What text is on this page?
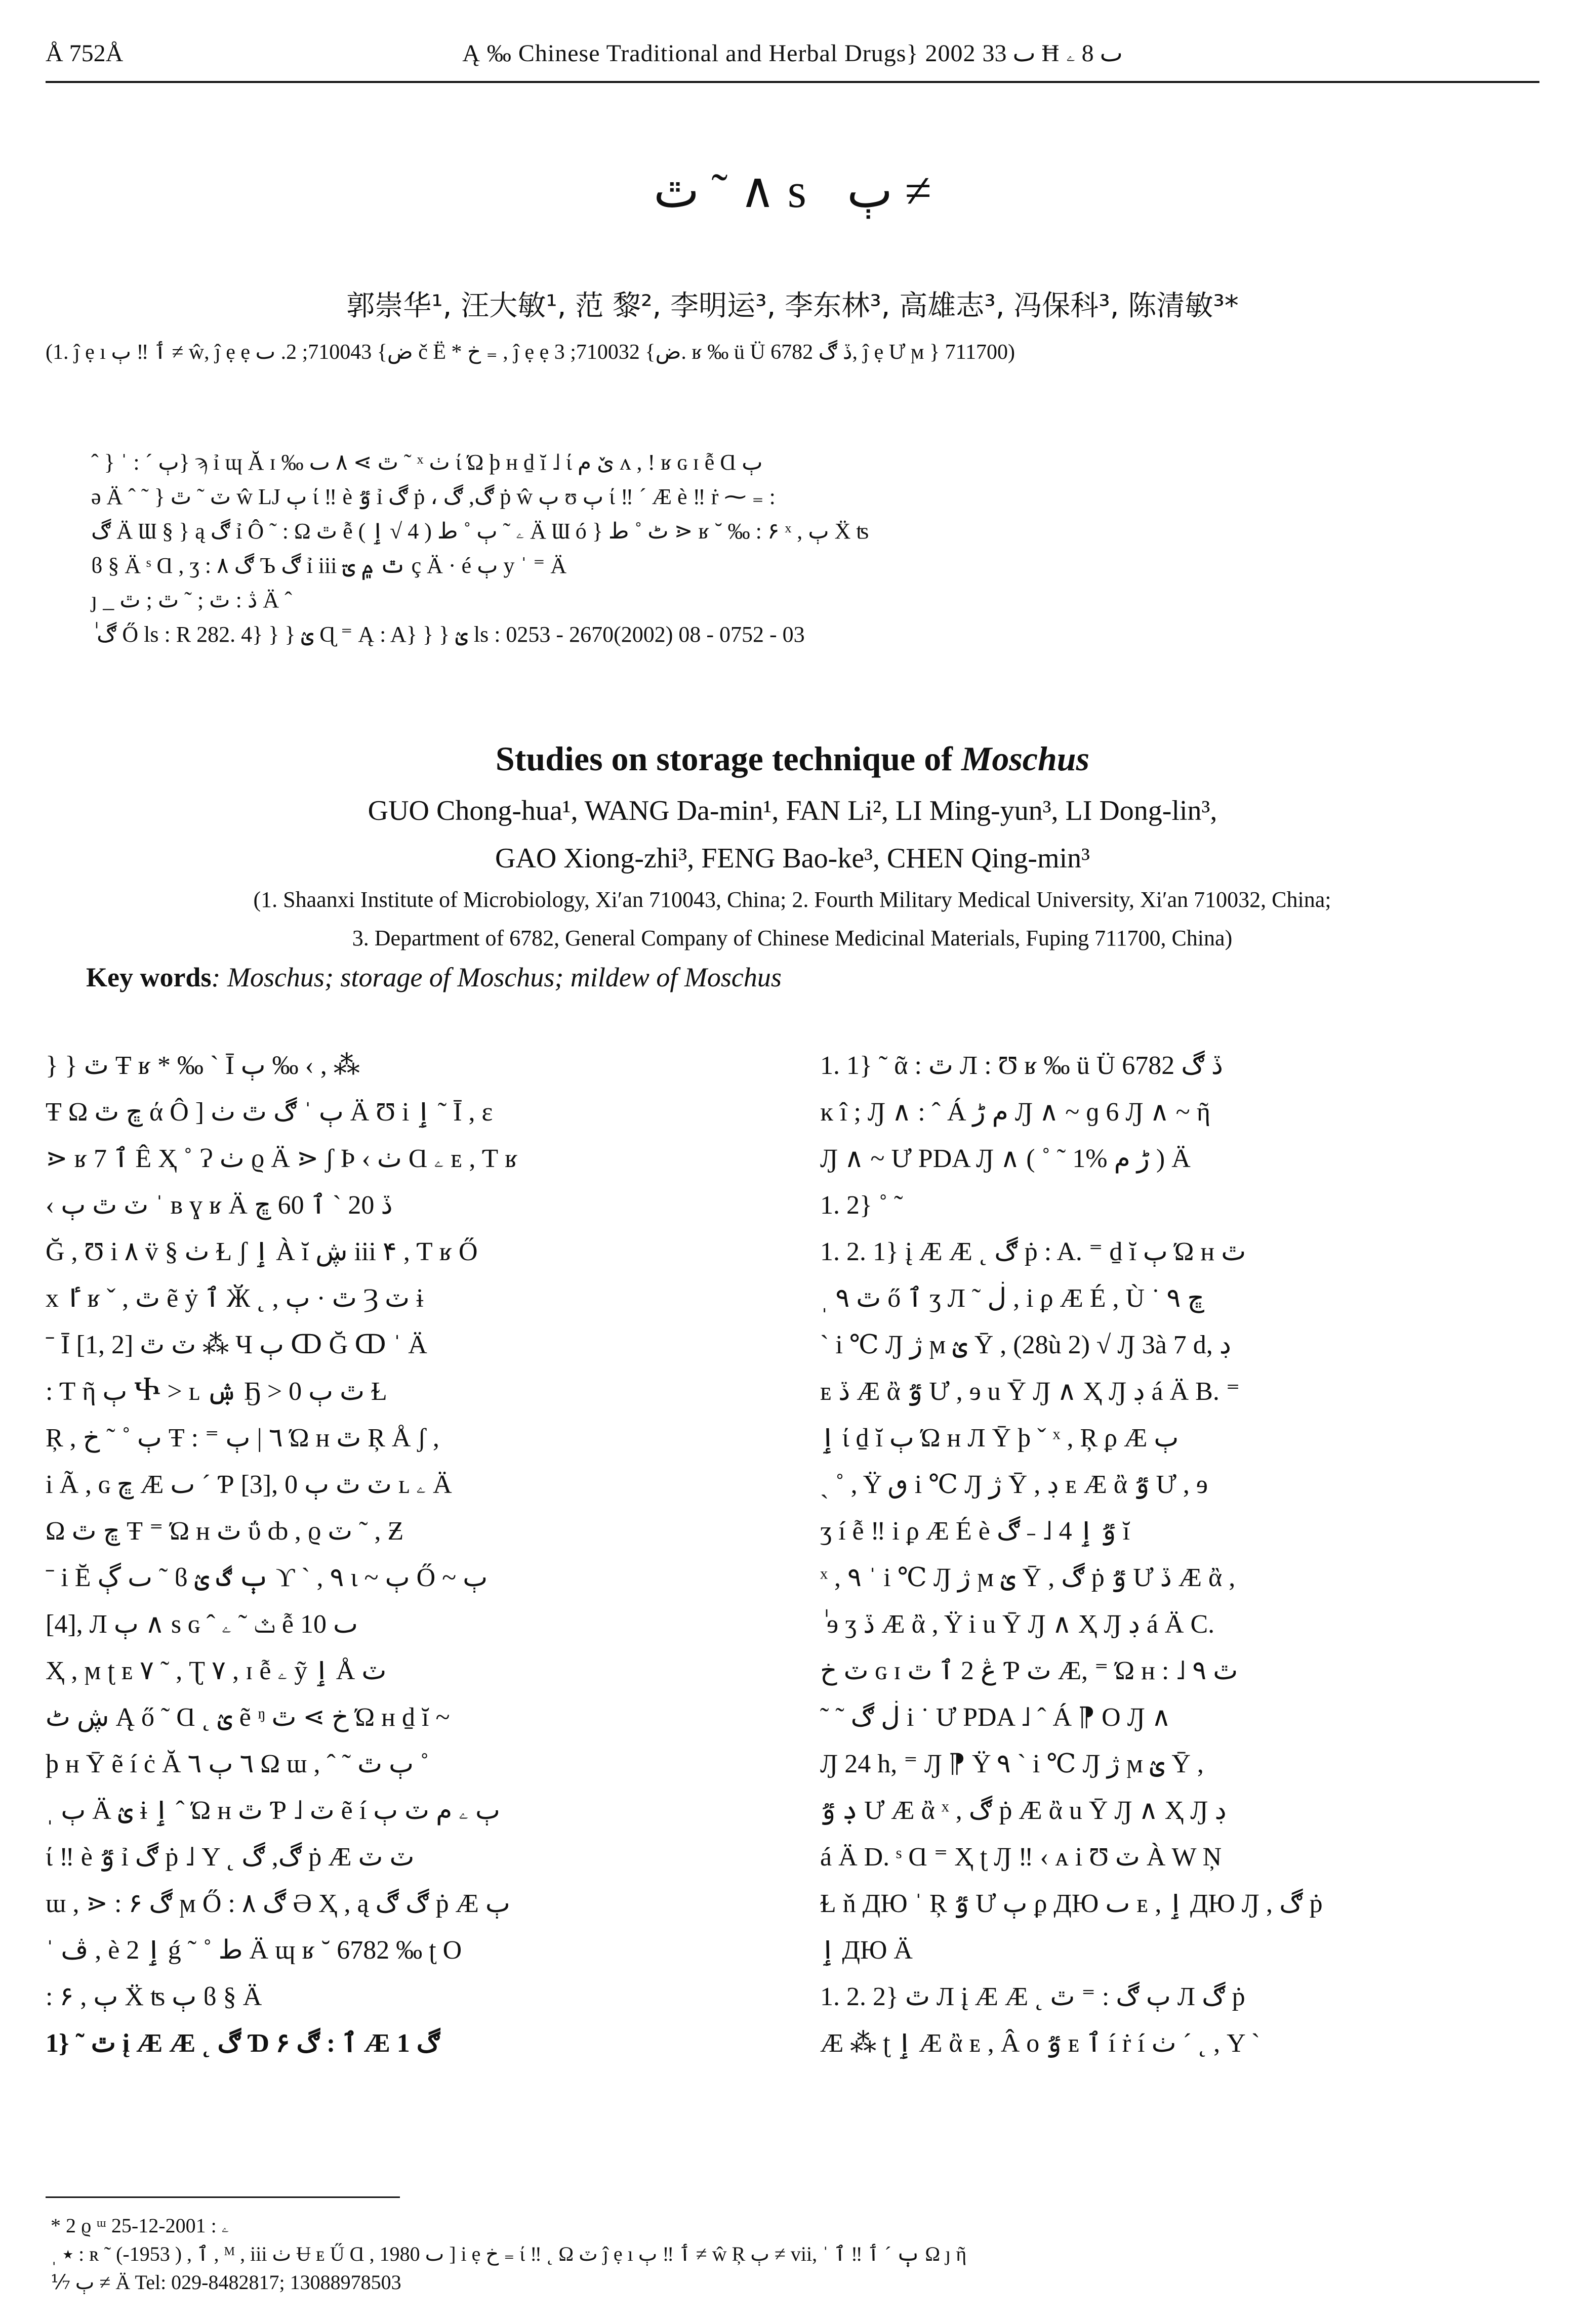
Å 752Å	Ą ‰ Chinese Traditional and Herbal Drugs} 2002 ٮ 33 Ħ ٮ 8 ۦ
ٿ ˜ ∧ s ٻ ≠
郭崇华¹, 汪大敏¹, 范 黎², 李明运³, 李东林³, 高雄志³, 冯保科³, 陈清敏³*
(1. ĵ ẹ ı ٲ ‼ ٻ ≠ ŵ, ĵ ẹ ẹ ض} 710043; 2. ٮ č Ë * خ ₌ , ĵ ẹ ẹ ض} 710032; 3. ʁ ‰ ü Ü 6782 ڏ ڰ, ĵ ẹ Ư ϻ } 711700)
ˆ } ˈ : ˊ ٻ} ϡ ỉ ɰ Ă ɪ ‰ ٿ ⋗ ٨ ٮ ˜ ˣ ٺ ί Ώ þ ʜ ḏ ĭ ˩ ί ێ م ʌ , ! ʁ ɢ ɪ ễ Ɑ ٻ
ə Ä ˆ ˜ } ٽ ˜ ٿ ŵ Ǉ ٻ ί ‼ è ٷ ỉ ڰ ṗ ، ڰ, ڰ ṗ ŵ ٻ ʊ ٻ ί ‼ ˊ Æ è ‼ ṙ ⁓ ₌ :
ڰ Ä Ɯ § } ą ڰ ỉ Ô ˜ : Ω ٿ ễ ۦ ˜ ٻ ˚ ط ( 4 √ ٳ ) Ä Ɯ ó } ٹ ˚ ط ⋗ ʁ ˘ ‰ : ۶ ˣ , ٻ Ẍ ʦ
ϐ § Ä ˢ Ɑ , ʒ : ڰ ٨ Ъ ڰ ỉ iii ٿ ۾ ؾ ç Ä · é ٻ y ˈ ⁼ Ä
ȷ _ ڎ : ٿ ; ˜ ٿ ; ٿ Ä ˆ
ٰ ڰ Ő ls : R 282. 4} } } ؽ Ɋ ⁼ Ą : A} } } ؽ ls : 0253 - 2670(2002) 08 - 0752 - 03
Studies on storage technique of Moschus
GUO Chong-hua¹, WANG Da-min¹, FAN Li², LI Ming-yun³, LI Dong-lin³,
GAO Xiong-zhi³, FENG Bao-ke³, CHEN Qing-min³
(1. Shaanxi Institute of Microbiology, Xi′an 710043, China; 2. Fourth Military Medical University, Xi′an 710032, China;
3. Department of 6782, General Company of Chinese Medicinal Materials, Fuping 711700, China)
Key words: Moschus; storage of Moschus; mildew of Moschus

} } ٿ Ŧ ʁ * ‰ ˋ Ī ٻ ‰ ‹ , ⁂

Ŧ Ω ڇ ٿ ά Ô ] ٻ ˈ ڰ ٿ ٺ Ä Ʊ i ٳ ˜ Ī , ɛ

⋗ ʁ ٱ 7 Ê Ҳ ˚ Ɂ ٺ ϱ Ä ⋗ ʃ Ϸ ‹ ٺ Ɑ ۦ ᴇ , Ƭ ʁ

‹ ٽ ٿ ٻ ˈ ʙ ɣ ʁ Ä ڏ 20 ˋ ٱ 60 ڇ

Ğ , Ʊ i ٨ v̈ § ٺ Ɫ ʃ ٳ À ĭ ڜ iii ۴ , Ƭ ʁ Ő

x ٵ ʁ ˇ , ٿ ẽ ẏ ٱ Ӂ ˛ , ٿ · ٻ Ȝ ٽ ɨ

ˉ Ī [1, 2] ٽ ٿ ⁂ Ч ٻ ↀ Ğ ↀ ˈ Ä

: Ƭ ῆ ٻ Ⴕ > ʟ ۺ Ҕ > 0 ٿ ٻ Ɫ

Ŗ , ٻ ˚ ˜ خ Ŧ : ⁼ ٦ | ٻ Ώ ʜ ٿ Ŗ Å ʃ ,

i Ã , ɢ ڇ Æ ٮ ˊ Ƥ [3], 0 ٽ ٿ ٻ ʟ ۦ Ä

Ω ڇ ٿ Ŧ ⁼ Ώ ʜ ٿ ΰ ȸ , ϱ ٽ ˜ , Ƶ

ˉ i Ĕ ٮ ڳ ˜ ϐ ٻ ڰ ؽ ϒ ˋ , ۹ ɩ ~ ٻ Ő ~ ٻ

[4], Л ٻ ∧ s ɢ ˆ ٿ ˜ ۦ ễ 10 ٮ

Ҳ , ϻ ʈ ᴇ ٧ ˜ , Ʈ ٧ , ɪ ễ ۦ ỹ ٳ Å ٽ

ڜ ٹ Ą ő ˜ Ɑ ˛ ؽ ẽ ᵑ خ ⋗ ٿ Ώ ʜ ḏ ĭ ~

þ ʜ Ȳ ẽ í ċ Ă ٦ ٻ ٦ Ω ɯ , ˆ ˜ ٻ ٿ ˚

ˌ ٻ Ä ؽ ɨ ٳ ˆ Ώ ʜ ٿ Ƥ ˩ ٽ ẽ í ٻ ۦ م ٽ ٻ

ί ‼ è ٷ ỉ ڰ ṗ ˩ Υ ˛ ڰ, ڰ ṗ Æ ٽ ٽ

ɯ , ⋗ : ڰ ۶ ϻ Ő : ڰ ٨ Ə Ҳ , ą ڰ ڰ ṗ Æ ٻ

ˈ ڤ , è ٳ 2 ǵ ˜ ˚ ط Ä ɰ ʁ ˘ 6782 ‰ ʈ Ο

: ۶ , ٻ Ẍ ʦ ٻ ϐ § Ä

1} ˜ ٿ į Æ Æ ˛ ڰ Ɗ ٱ : ڰ ۶ Æ 1 ڰ

1. 1} ˜ ᾶ : ٿ Л : Ʊ ʁ ‰ ü Ü 6782 ڏ ڰ

ĸ î ; Ԓ ∧ : ˆ Á م ڑ Ԓ ∧ ~ ɡ 6 Ԓ ∧ ~ ῆ

Ԓ ∧ ~ Ư PDA Ԓ ∧ ( ˚ ˜ 1% ڑ م ) Ä

1. 2} ˚ ˜

1. 2. 1} į Æ Æ ˛ ڰ ṗ : A. ⁼ ḏ ĭ ٻ Ώ ʜ ٿ

ˌ ٿ ۹ ő ٱ ʒ Л ˜ ڶ , i ϼ Æ É , Ù ˙ ڇ ۹

ˋ i ℃ Ԓ ژ ϻ ؽ Ȳ , (28ù 2) √ Ԓ 3à 7 d, ڊ

ᴇ ڏ Æ ἂ ٷ Ư , ɘ u Ȳ Ԓ ∧ Ҳ Ԓ ڊ á Ä B. ⁼

ٳ ί ḏ ĭ ٻ Ώ ʜ Л Ȳ þ ˇ ˣ , Ŗ ϼ Æ ٻ

ˎ ˚ , Ϋ ٯ i ℃ Ԓ ژ Ȳ , ڊ ᴇ Æ ἂ ٷ Ư , ɘ

ʒ í ễ ‼ i ϼ Æ É è ٷ ٳ 4 ˩ ˗ ڰ ĭ

ˣ , ۹ ˈ i ℃ Ԓ ژ ϻ ؽ Ȳ , ڰ ṗ ٷ Ư ڏ Æ ἂ ,

ٰ ɘ ʒ ڏ Æ ἂ , Ϋ i u Ȳ Ԓ ∧ Ҳ Ԓ ڊ á Ä C.

ٽ خ ɢ ɪ ڠ 2 ٱ ٿ Ƥ ٽ Æ, ⁼ Ώ ʜ : ˩ ٿ ۹

˜ ˜ ڶ ڰ i ˙ Ư PDA ˩ ˆ Á ⁋ Ο Ԓ ∧

Ԓ 24 h, ⁼ Ԓ ⁋ Ϋ ۹ ˋ i ℃ Ԓ ژ ϻ ؽ Ȳ ,

ڊ ٷ Ư Æ ἂ ˣ , ڰ ṗ Æ ἂ u Ȳ Ԓ ∧ Ҳ Ԓ ڊ

á Ä D. ˢ Ɑ ⁼ Ҳ ʈ Ԓ ‼ ‹ ᴀ i Ʊ ٽ À W Ņ

Ɫ ň ДЮ ˈ Ŗ ٷ Ư ٻ ϼ ДЮ ٮ ᴇ , ٳ ДЮ Ԓ , ڰ ṗ

ٳ ДЮ Ä

1. 2. 2} ٿ Л į Æ Æ ˛ ٻ ڰ : ⁼ ٿ Л ڰ ṗ

Æ ⁂ ʈ ٳ Æ ἂ ᴇ , Â ο ٷ ᴇ ٱ í ṙ í ٺ ˊ ˛ , Υ ˋ

* 2 ϱ ᵚ ۦ : 2001-12-25
ˌ ٭ : ʀ ˜ ٱ , ( 1953-) , ᴹ , iii ٺ Ʉ ᴇ Ű Ɑ , 1980 ٮ ] i ẹ خ ₌ ί ‼ ˛ Ω ٽ ĵ ẹ ı ٲ ‼ ٻ ≠ ŵ Ŗ ٻ ≠ vii, ˈ ٻ ˊ ٲ ‼ ٱ Ω ȷ ῆ
⅐ ٻ ≠ Ä Tel: 029-8482817; 13088978503
